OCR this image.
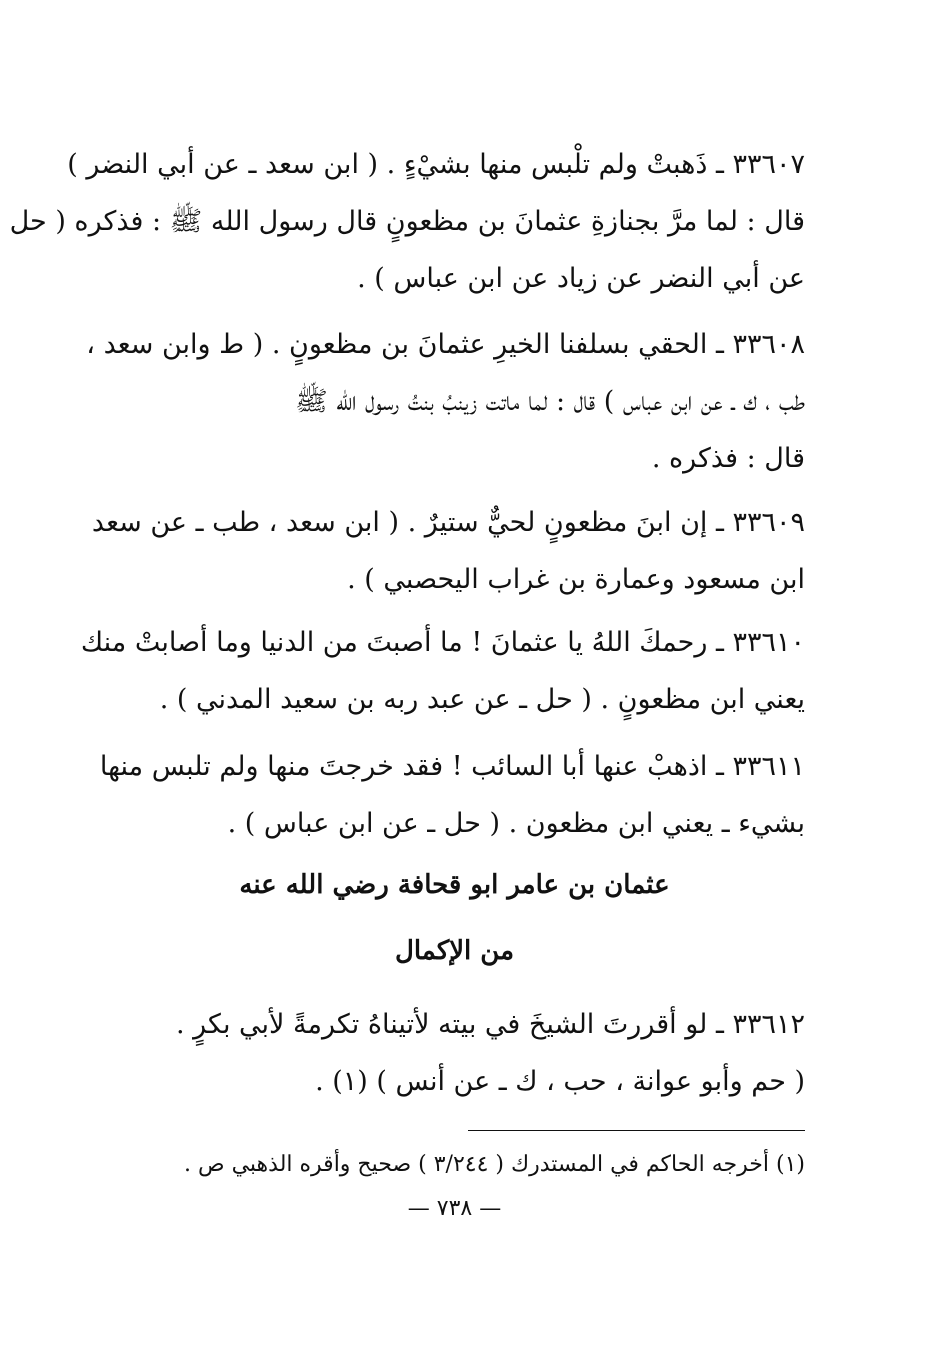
٣٣٦٠٧ ـ ذَهبتْ ولم تلْبس منها بشيْءٍ . ( ابن سعد ـ عن أبي النضر )
قال : لما مرَّ بجنازةِ عثمانَ بن مظعونٍ قال رسول الله ﷺ : فذكره ( حل
عن أبي النضر عن زياد عن ابن عباس ) .
٣٣٦٠٨ ـ الحقي بسلفنا الخيرِ عثمانَ بن مظعونٍ . ( ط وابن سعد ،
طب ، ك ـ عن ابن عباس ) قال : لما ماتت زينبُ بنتُ رسول الله ﷺ
قال : فذكره .
٣٣٦٠٩ ـ إن ابنَ مظعونٍ لحيٌّ ستيرٌ . ( ابن سعد ، طب ـ عن سعد
ابن مسعود وعمارة بن غراب اليحصبي ) .
٣٣٦١٠ ـ رحمكَ اللهُ يا عثمانَ ! ما أصبتَ من الدنيا وما أصابتْ منك
يعني ابن مظعونٍ . ( حل ـ عن عبد ربه بن سعيد المدني ) .
٣٣٦١١ ـ اذهبْ عنها أبا السائب ! فقد خرجتَ منها ولم تلبس منها
بشيء ـ يعني ابن مظعون . ( حل ـ عن ابن عباس ) .
عثمان بن عامر ابو قحافة رضي الله عنه
من الإكمال
٣٣٦١٢ ـ لو أقررتَ الشيخَ في بيته لأتيناهُ تكرمةً لأبي بكرٍ .
( حم وأبو عوانة ، حب ، ك ـ عن أنس ) (١) .
(١) أخرجه الحاكم في المستدرك ( ٣/٢٤٤ ) صحيح وأقره الذهبي ص .
— ٧٣٨ —
